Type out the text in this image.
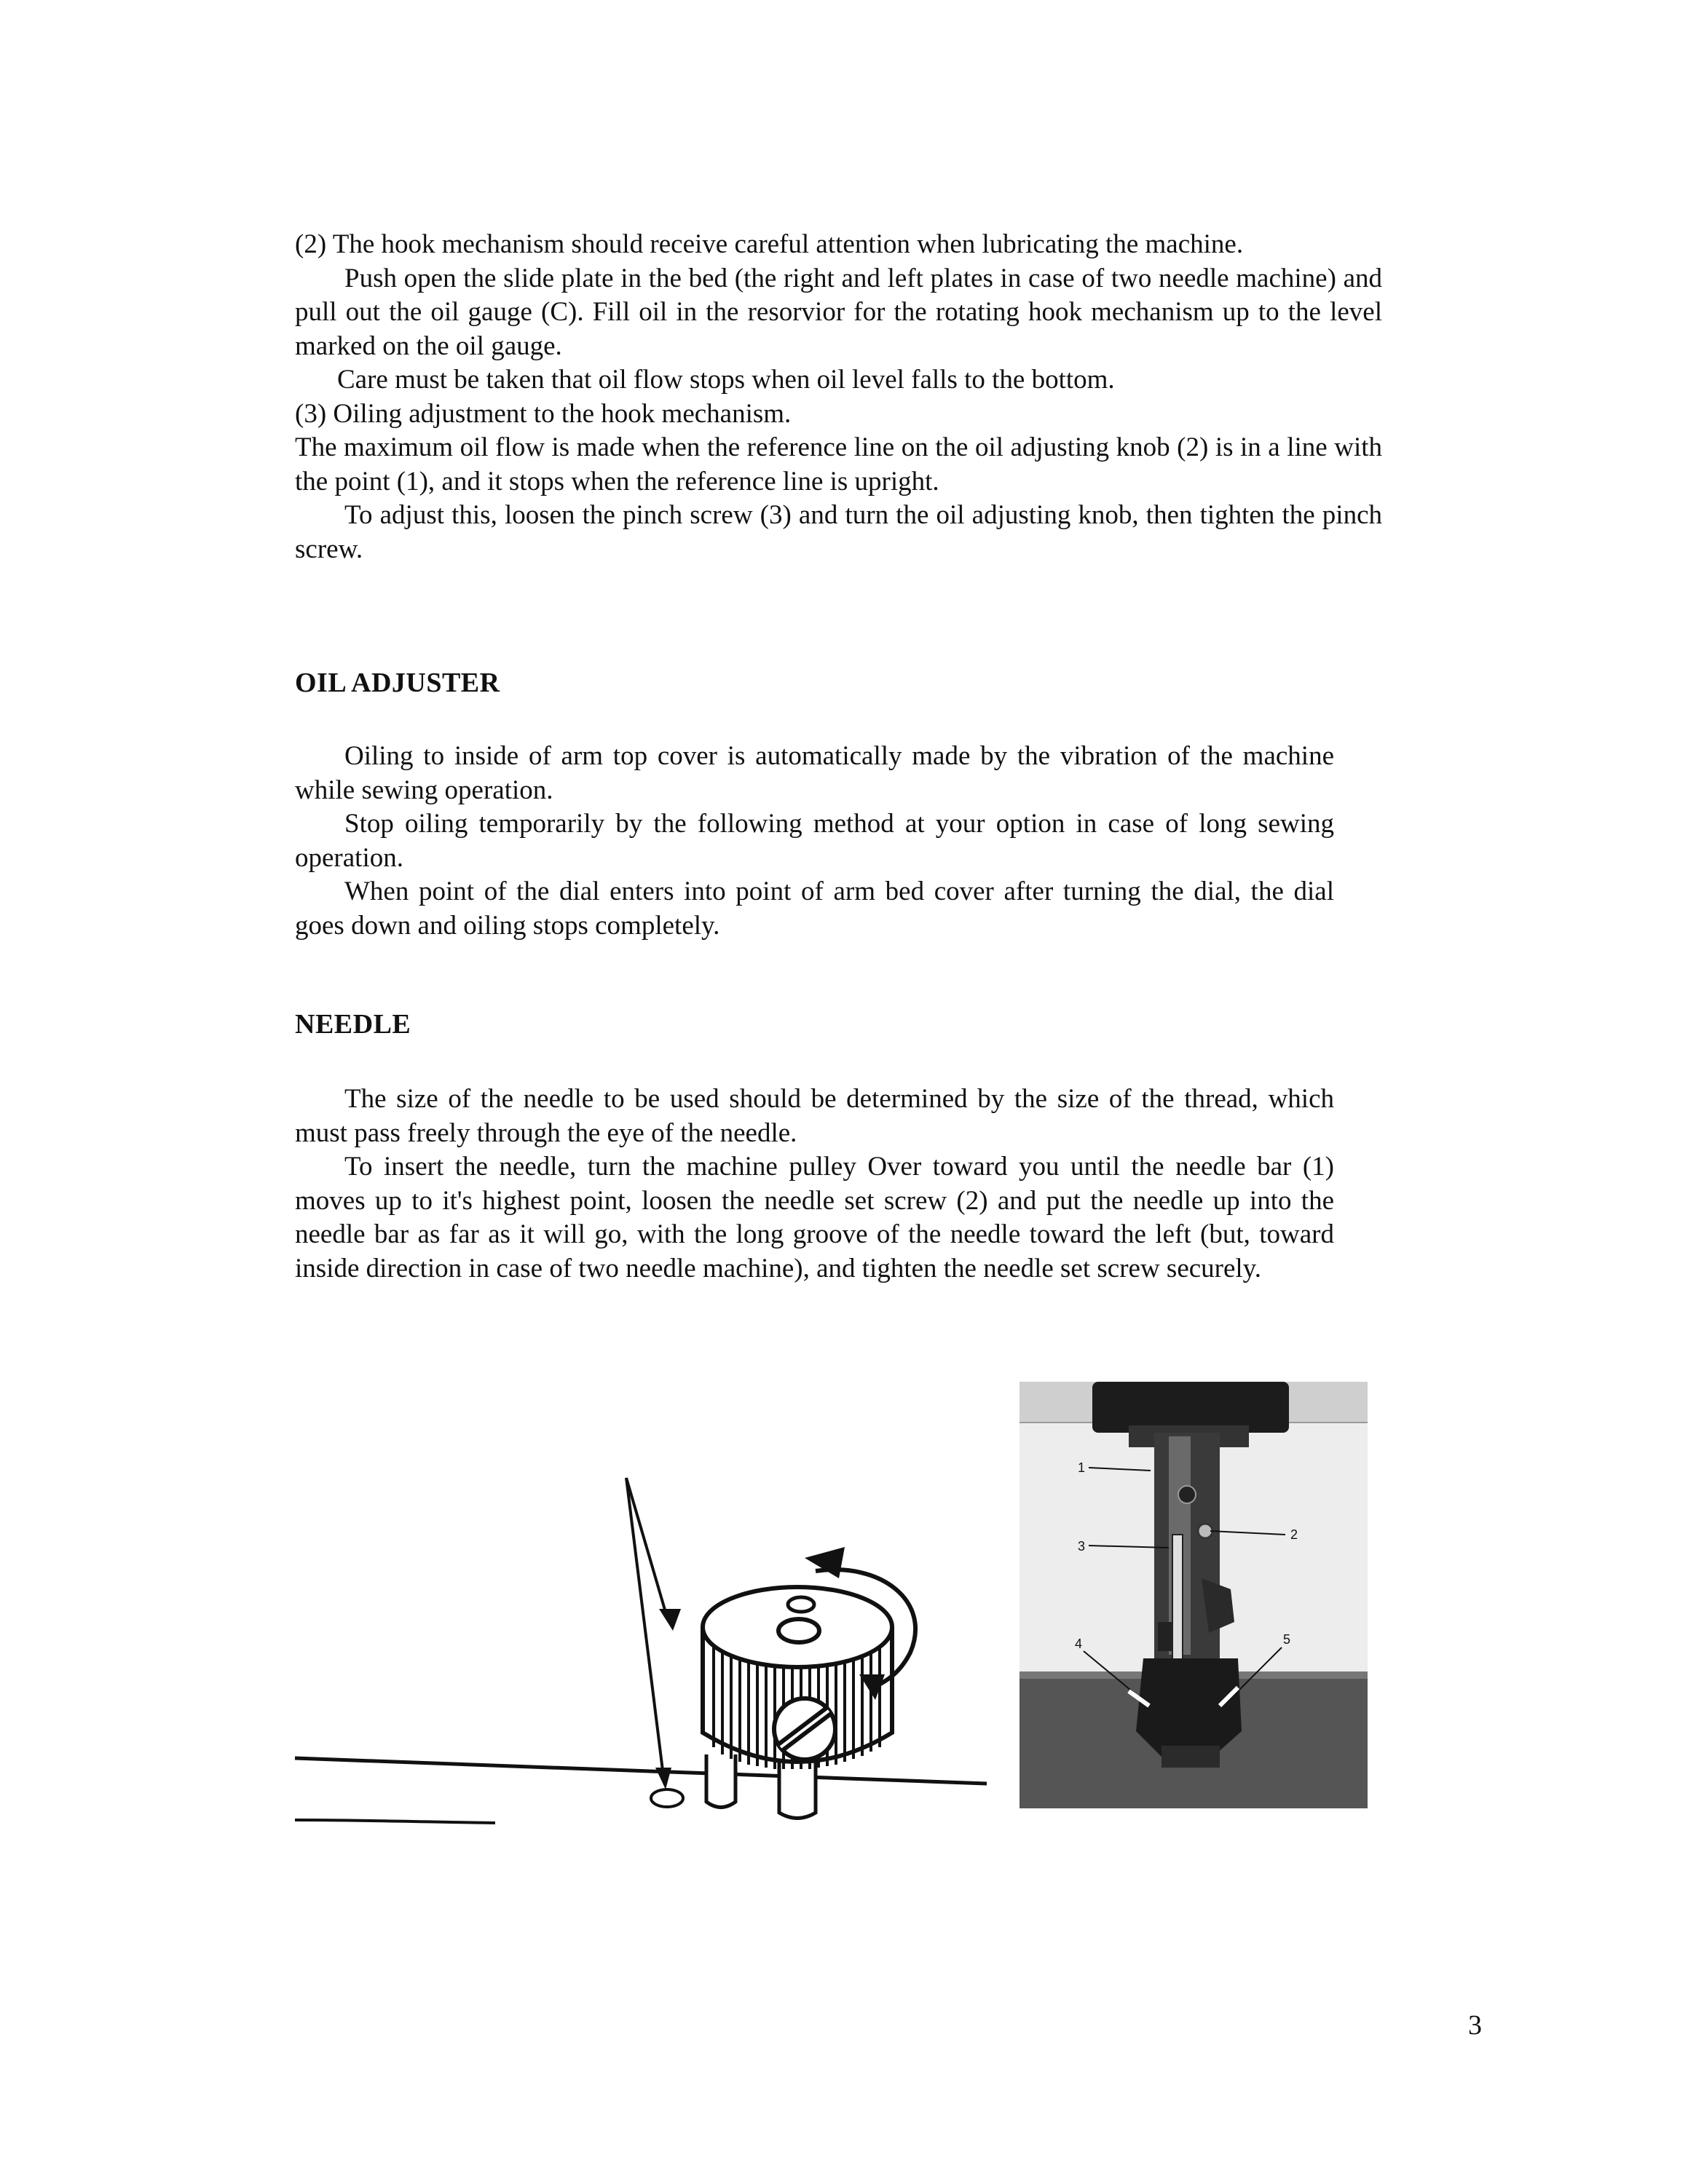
(2) The hook mechanism should receive careful attention when lubricating the machine.
Push open the slide plate in the bed (the right and left plates in case of two needle machine) and pull out the oil gauge (C). Fill oil in the resorvior for the rotating hook mechanism up to the level marked on the oil gauge.
Care must be taken that oil flow stops when oil level falls to the bottom.
(3) Oiling adjustment to the hook mechanism.
The maximum oil flow is made when the reference line on the oil adjusting knob (2) is in a line with the point (1), and it stops when the reference line is upright.
To adjust this, loosen the pinch screw (3) and turn the oil adjusting knob, then tighten the pinch screw.
OIL ADJUSTER
Oiling to inside of arm top cover is automatically made by the vibration of the machine while sewing operation.
Stop oiling temporarily by the following method at your option in case of long sewing operation.
When point of the dial enters into point of arm bed cover after turning the dial, the dial goes down and oiling stops completely.
NEEDLE
The size of the needle to be used should be determined by the size of the thread, which must pass freely through the eye of the needle.
To insert the needle, turn the machine pulley Over toward you until the needle bar (1) moves up to it's highest point, loosen the needle set screw (2) and put the needle up into the needle bar as far as it will go, with the long groove of the needle toward the left (but, toward inside direction in case of two needle machine), and tighten the needle set screw securely.
1
2
3
4	5
3
